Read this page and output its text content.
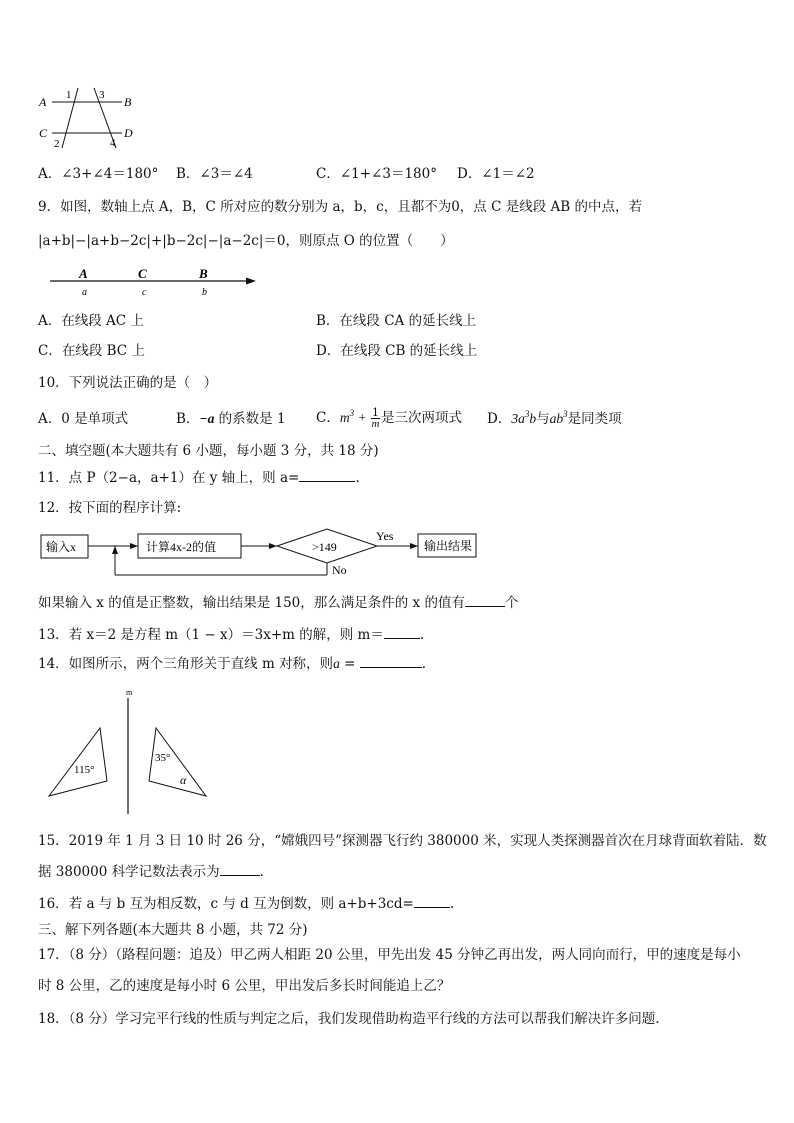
A	B
C	D
1
2
3
4
A．∠3+∠4＝180° B．∠3＝∠4	C．∠1+∠3＝180° D．∠1＝∠2
9．如图，数轴上点 A，B，C 所对应的数分别为 a，b，c，且都不为0，点 C 是线段 AB 的中点，若
|a+b|−|a+b−2c|+|b−2c|−|a−2c|＝0，则原点 O 的位置（　　）
A	C	B
a	c	b
A．在线段 AC 上	B．在线段 CA 的延长线上
C．在线段 BC 上	D．在线段 CB 的延长线上
10．下列说法正确的是（　）
A．0 是单项式	B．−a 的系数是 1 C．$m^3 + \frac{1}{m}$ 是三次两项式 D．$3a^3b$与$ab^3$是同类项
二、填空题(本大题共有 6 小题，每小题 3 分，共 18 分)
11．点 P（2−a，a+1）在 y 轴上，则 a=	.
12．按下面的程序计算:
输入x	计算4x-2的值	>149
Yes
输出结果
No
如果输入 x 的值是正整数，输出结果是 150，那么满足条件的 x 的值有	个
13．若 x＝2 是方程 m（1 − x）＝3x+m 的解，则 m＝	.
14．如图所示，两个三角形关于直线 m 对称，则a =	.
m
115°
35°
α
15．2019 年 1 月 3 日 10 时 26 分，“嫦娥四号”探测器飞行约 380000 米，实现人类探测器首次在月球背面软着陆．数
据 380000 科学记数法表示为	.
16．若 a 与 b 互为相反数，c 与 d 互为倒数，则 a+b+3cd=	.
三、解下列各题(本大题共 8 小题，共 72 分)
17．（8 分）（路程问题：追及）甲乙两人相距 20 公里，甲先出发 45 分钟乙再出发，两人同向而行，甲的速度是每小
时 8 公里，乙的速度是每小时 6 公里，甲出发后多长时间能追上乙？
18．（8 分）学习完平行线的性质与判定之后，我们发现借助构造平行线的方法可以帮我们解决许多问题.
